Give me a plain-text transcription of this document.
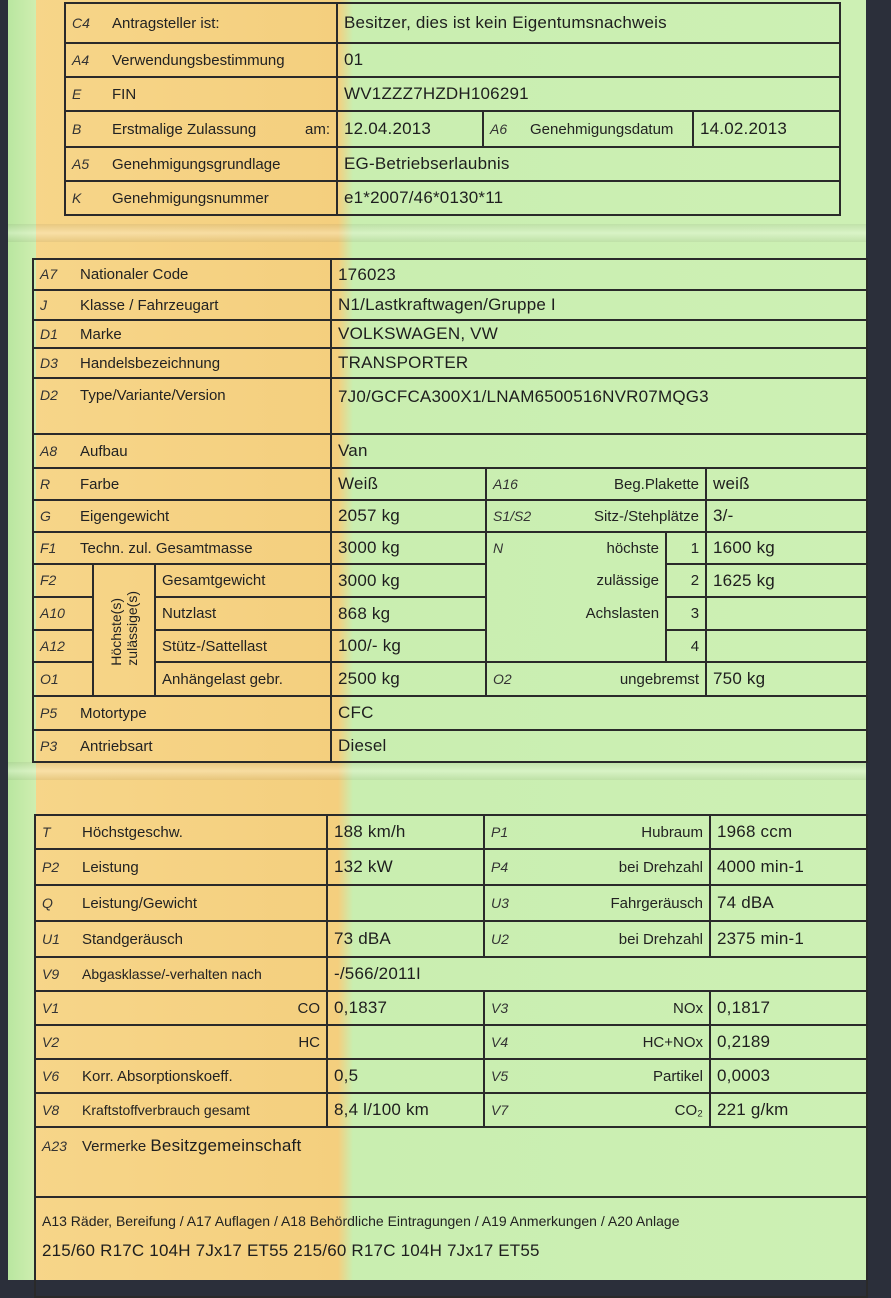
C4 Antragsteller ist:	Besitzer, dies ist kein Eigentumsnachweis		
A4 Verwendungsbestimmung	01		
E FIN	WV1ZZZ7HZDH106291		
B Erstmalige Zulassung am:	12.04.2013	A6 Genehmigungsdatum	14.02.2013
A5 Genehmigungsgrundlage	EG-Betriebserlaubnis		
K Genehmigungsnummer	e1*2007/46*0130*11		
A7 Nationaler Code			176023			
J Klasse / Fahrzeugart			N1/Lastkraftwagen/Gruppe I			
D1 Marke			VOLKSWAGEN, VW			
D3 Handelsbezeichnung			TRANSPORTER			
D2 Type/Variante/Version			7J0/GCFCA300X1/LNAM6500516NVR07MQG3			
A8 Aufbau			Van			
R Farbe			Weiß	A16 Beg.Plakette		weiß
G Eigengewicht			2057 kg	S1/S2 Sitz-/Stehplätze		3/-
F1 Techn. zul. Gesamtmasse			3000 kg	N höchste	1	1600 kg
F2	Höchste(s)zulässige(s)	Gesamtgewicht	3000 kg	zulässige	2	1625 kg
A10		Nutzlast	868 kg	Achslasten	3	
A12		Stütz-/Sattellast	100/- kg		4	
O1		Anhängelast gebr.	2500 kg	O2 ungebremst		750 kg
P5 Motortype			CFC			
P3 Antriebsart			Diesel			
T Höchstgeschw.	188 km/h	P1 Hubraum	1968 ccm
P2 Leistung	132 kW	P4 bei Drehzahl	4000 min-1
Q Leistung/Gewicht		U3 Fahrgeräusch	74 dBA
U1 Standgeräusch	73 dBA	U2 bei Drehzahl	2375 min-1
V9 Abgasklasse/-verhalten nach	-/566/2011I		
V1 CO	0,1837	V3 NOx	0,1817
V2 HC		V4 HC+NOx	0,2189
V6 Korr. Absorptionskoeff.	0,5	V5 Partikel	0,0003
V8 Kraftstoffverbrauch gesamt	8,4 l/100 km	V7 CO₂	221 g/km
A23 Vermerke Besitzgemeinschaft			

A13 Räder, Bereifung / A17 Auflagen / A18 Behördliche Eintragungen / A19 Anmerkungen / A20 Anlage
215/60 R17C 104H 7Jx17 ET55 215/60 R17C 104H 7Jx17 ET55			
